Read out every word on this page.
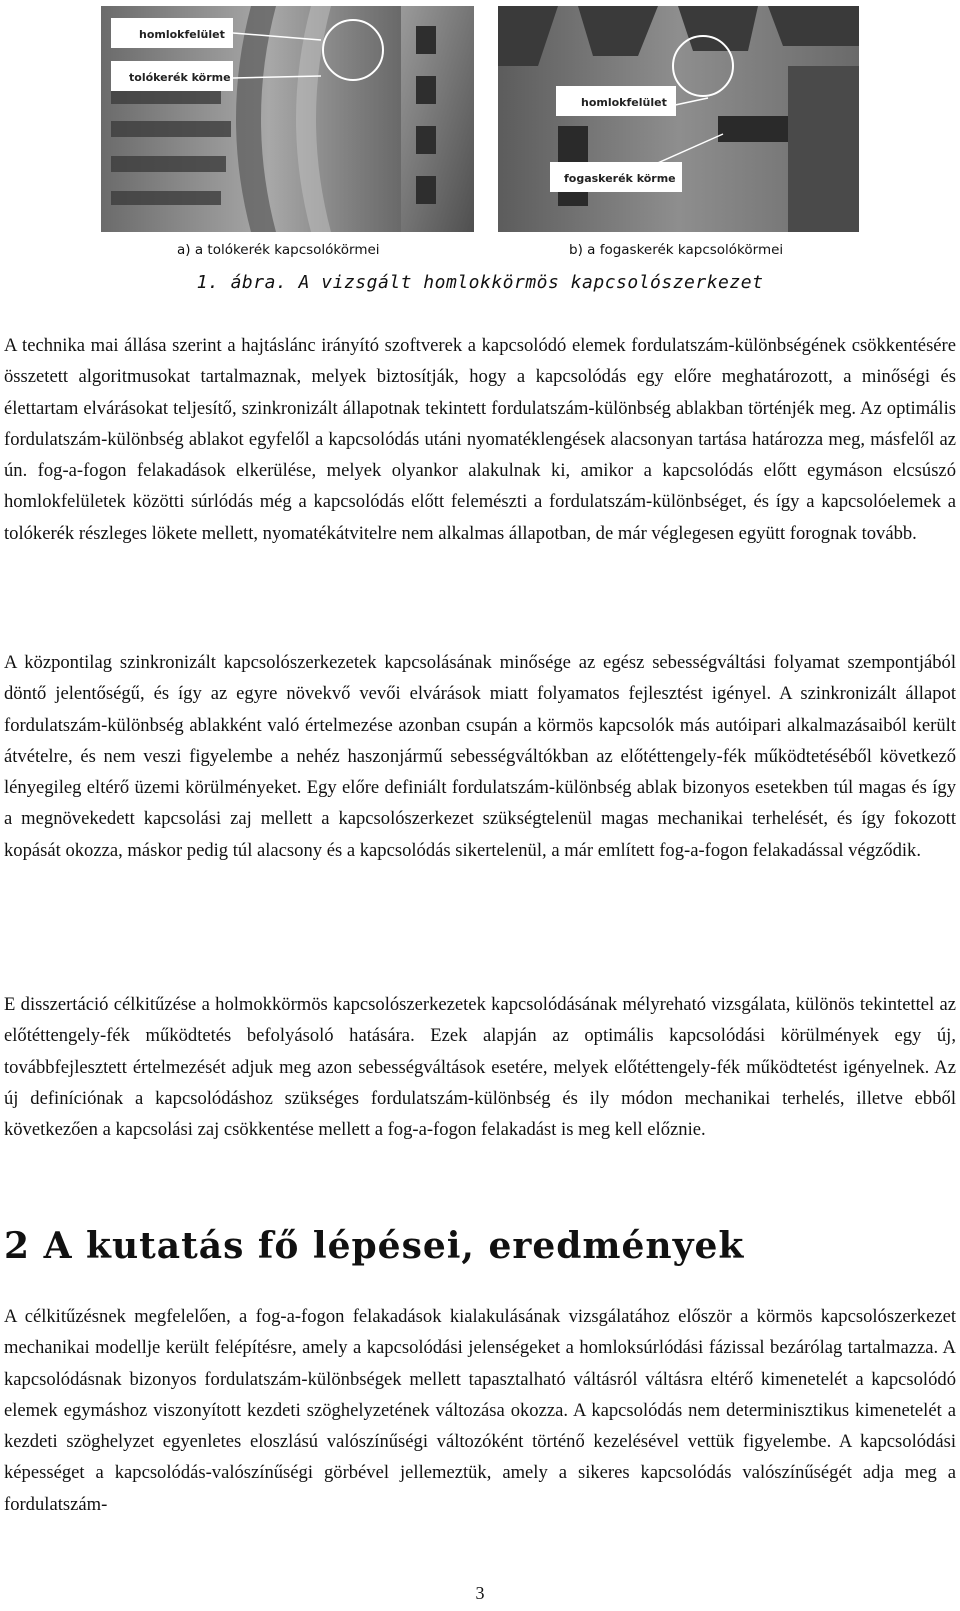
homlokfelület
tolókerék körme
homlokfelület
fogaskerék körme
a) a tolókerék kapcsolókörmei	b) a fogaskerék kapcsolókörmei
1. ábra. A vizsgált homlokkörmös kapcsolószerkezet
A technika mai állása szerint a hajtáslánc irányító szoftverek a kapcsolódó elemek fordulatszám-különbségének csökkentésére összetett algoritmusokat tartalmaznak, melyek biztosítják, hogy a kapcsolódás egy előre meghatározott, a minőségi és élettartam elvárásokat teljesítő, szinkronizált állapotnak tekintett fordulatszám-különbség ablakban történjék meg. Az optimális fordulatszám-különbség ablakot egyfelől a kapcsolódás utáni nyomatéklengések alacsonyan tartása határozza meg, másfelől az ún. fog-a-fogon felakadások elkerülése, melyek olyankor alakulnak ki, amikor a kapcsolódás előtt egymáson elcsúszó homlokfelületek közötti súrlódás még a kapcsolódás előtt felemészti a fordulatszám-különbséget, és így a kapcsolóelemek a tolókerék részleges lökete mellett, nyomatékátvitelre nem alkalmas állapotban, de már véglegesen együtt forognak tovább.
A központilag szinkronizált kapcsolószerkezetek kapcsolásának minősége az egész sebességváltási folyamat szempontjából döntő jelentőségű, és így az egyre növekvő vevői elvárások miatt folyamatos fejlesztést igényel. A szinkronizált állapot fordulatszám-különbség ablakként való értelmezése azonban csupán a körmös kapcsolók más autóipari alkalmazásaiból került átvételre, és nem veszi figyelembe a nehéz haszonjármű sebességváltókban az előtéttengely-fék működtetéséből következő lényegileg eltérő üzemi körülményeket. Egy előre definiált fordulatszám-különbség ablak bizonyos esetekben túl magas és így a megnövekedett kapcsolási zaj mellett a kapcsolószerkezet szükségtelenül magas mechanikai terhelését, és így fokozott kopását okozza, máskor pedig túl alacsony és a kapcsolódás sikertelenül, a már említett fog-a-fogon felakadással végződik.
E disszertáció célkitűzése a holmokkörmös kapcsolószerkezetek kapcsolódásának mélyreható vizsgálata, különös tekintettel az előtéttengely-fék működtetés befolyásoló hatására. Ezek alapján az optimális kapcsolódási körülmények egy új, továbbfejlesztett értelmezését adjuk meg azon sebességváltások esetére, melyek előtéttengely-fék működtetést igényelnek. Az új definíciónak a kapcsolódáshoz szükséges fordulatszám-különbség és ily módon mechanikai terhelés, illetve ebből következően a kapcsolási zaj csökkentése mellett a fog-a-fogon felakadást is meg kell előznie.
2 A kutatás fő lépései, eredmények
A célkitűzésnek megfelelően, a fog-a-fogon felakadások kialakulásának vizsgálatához először a körmös kapcsolószerkezet mechanikai modellje került felépítésre, amely a kapcsolódási jelenségeket a homloksúrlódási fázissal bezárólag tartalmazza. A kapcsolódásnak bizonyos fordulatszám-különbségek mellett tapasztalható váltásról váltásra eltérő kimenetelét a kapcsolódó elemek egymáshoz viszonyított kezdeti szöghelyzetének változása okozza. A kapcsolódás nem determinisztikus kimenetelét a kezdeti szöghelyzet egyenletes eloszlású valószínűségi változóként történő kezelésével vettük figyelembe. A kapcsolódási képességet a kapcsolódás-valószínűségi görbével jellemeztük, amely a sikeres kapcsolódás valószínűségét adja meg a fordulatszám-
3
